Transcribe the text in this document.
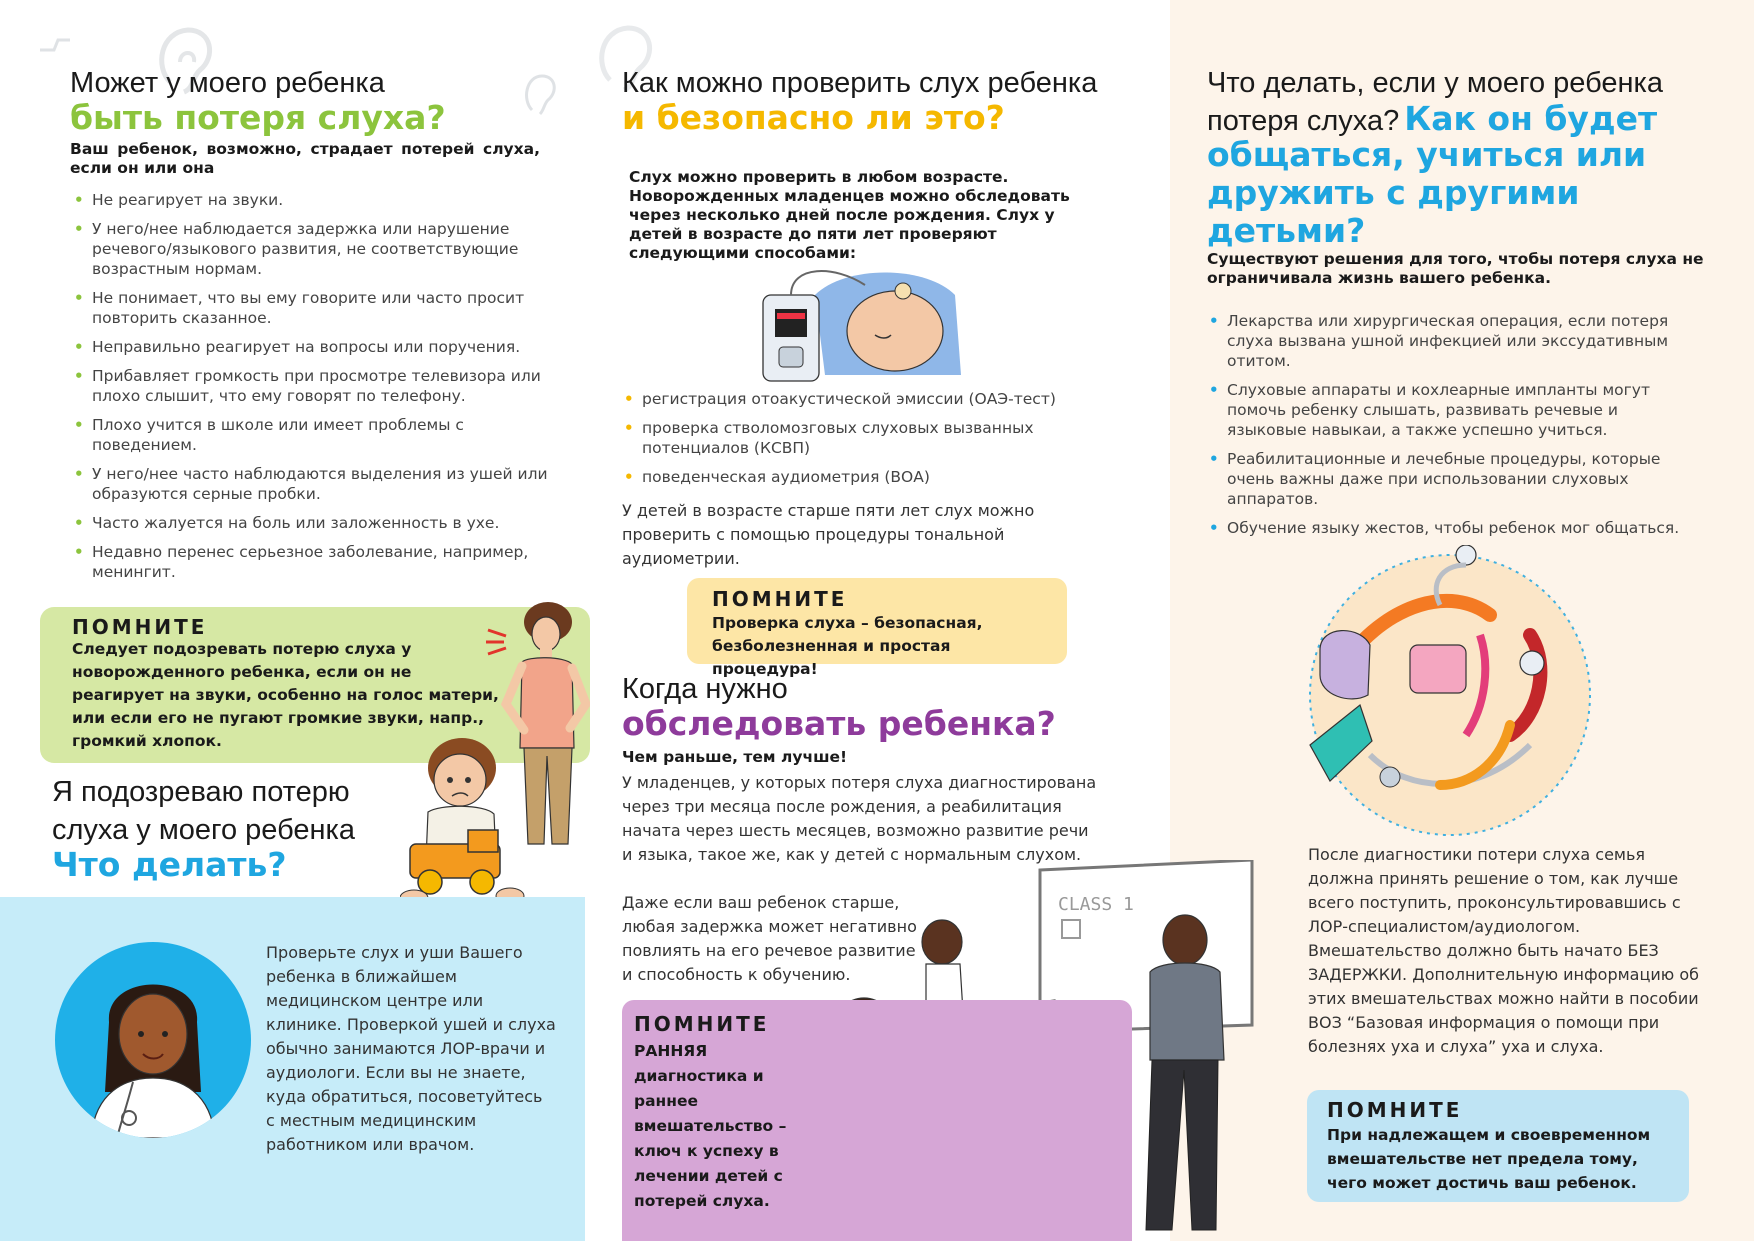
Может у моего ребенка
быть потеря слуха?
Ваш ребенок, возможно, страдает потерей слуха, если он или она
• Не реагирует на звуки.
• У него/нее наблюдается задержка или нарушение речевого/языкового развития, не соответствующие возрастным нормам.
• Не понимает, что вы ему говорите или часто просит повторить сказанное.
• Неправильно реагирует на вопросы или поручения.
• Прибавляет громкость при просмотре телевизора или плохо слышит, что ему говорят по телефону.
• Плохо учится в школе или имеет проблемы с поведением.
• У него/нее часто наблюдаются выделения из ушей или образуются серные пробки.
• Часто жалуется на боль или заложенность в ухе.
• Недавно перенес серьезное заболевание, например, менингит.
ПОМНИТЕ
Следует подозревать потерю слуха у новорожденного ребенка, если он не реагирует на звуки, особенно на голос матери, или если его не пугают громкие звуки, напр., громкий хлопок.
Я подозреваю потерю
слуха у моего ребенка
Что делать?
Проверьте слух и уши Вашего ребенка в ближайшем медицинском центре или клинике. Проверкой ушей и слуха обычно занимаются ЛОР-врачи и аудиологи. Если вы не знаете, куда обратиться, посоветуйтесь с местным медицинским работником или врачом.
Как можно проверить слух ребенка
и безопасно ли это?
Слух можно проверить в любом возрасте. Новорожденных младенцев можно обследовать через несколько дней после рождения. Слух у детей в возрасте до пяти лет проверяют следующими способами:
• регистрация отоакустической эмиссии (ОАЭ-тест)
• проверка стволомозговых слуховых вызванных потенциалов (КСВП)
• поведенческая аудиометрия (ВОА)
У детей в возрасте старше пяти лет слух можно проверить с помощью процедуры тональной аудиометрии.
ПОМНИТЕ
Проверка слуха – безопасная, безболезненная и простая процедура!
Когда нужно
обследовать ребенка?
Чем раньше, тем лучше!
У младенцев, у которых потеря слуха диагностирована через три месяца после рождения, а реабилитация начата через шесть месяцев, возможно развитие речи и языка, такое же, как у детей с нормальным слухом.
Даже если ваш ребенок старше, любая задержка может негативно повлиять на его речевое развитие и способность к обучению.
CLASS 1
ПОМНИТЕ
РАННЯЯ диагностика и раннее вмешательство – ключ к успеху в лечении детей с потерей слуха.
Что делать, если у моего ребенка
потеря слуха? Как он будет
общаться, учиться или
дружить с другими
детьми?
Существуют решения для того, чтобы потеря слуха не ограничивала жизнь вашего ребенка.
• Лекарства или хирургическая операция, если потеря слуха вызвана ушной инфекцией или экссудативным отитом.
• Слуховые аппараты и кохлеарные импланты могут помочь ребенку слышать, развивать речевые и языковые навыкаи, а также успешно учиться.
• Реабилитационные и лечебные процедуры, которые очень важны даже при использовании слуховых аппаратов.
• Обучение языку жестов, чтобы ребенок мог общаться.
После диагностики потери слуха семья должна принять решение о том, как лучше всего поступить, проконсультировавшись с ЛОР-специалистом/аудиологом. Вмешательство должно быть начато БЕЗ ЗАДЕРЖКИ. Дополнительную информацию об этих вмешательствах можно найти в пособии ВОЗ “Базовая информация о помощи при болезнях уха и слуха” уха и слуха.
ПОМНИТЕ
При надлежащем и своевременном вмешательстве нет предела тому, чего может достичь ваш ребенок.
